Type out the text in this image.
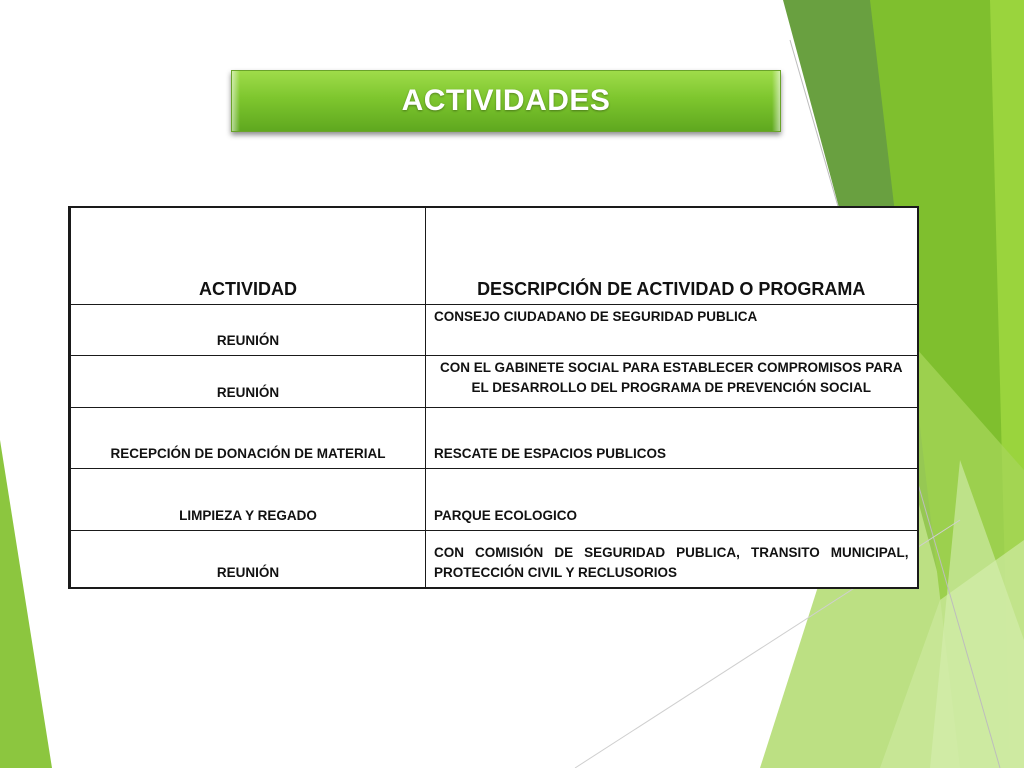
ACTIVIDADES
ACTIVIDAD	DESCRIPCIÓN DE ACTIVIDAD O PROGRAMA
REUNIÓN	CONSEJO CIUDADANO DE SEGURIDAD PUBLICA
REUNIÓN	CON EL GABINETE SOCIAL PARA ESTABLECER COMPROMISOS PARA EL DESARROLLO DEL PROGRAMA DE PREVENCIÓN SOCIAL
RECEPCIÓN DE DONACIÓN DE MATERIAL	RESCATE DE ESPACIOS PUBLICOS
LIMPIEZA Y REGADO	PARQUE ECOLOGICO
REUNIÓN	CON COMISIÓN DE SEGURIDAD PUBLICA, TRANSITO MUNICIPAL, PROTECCIÓN CIVIL Y RECLUSORIOS
